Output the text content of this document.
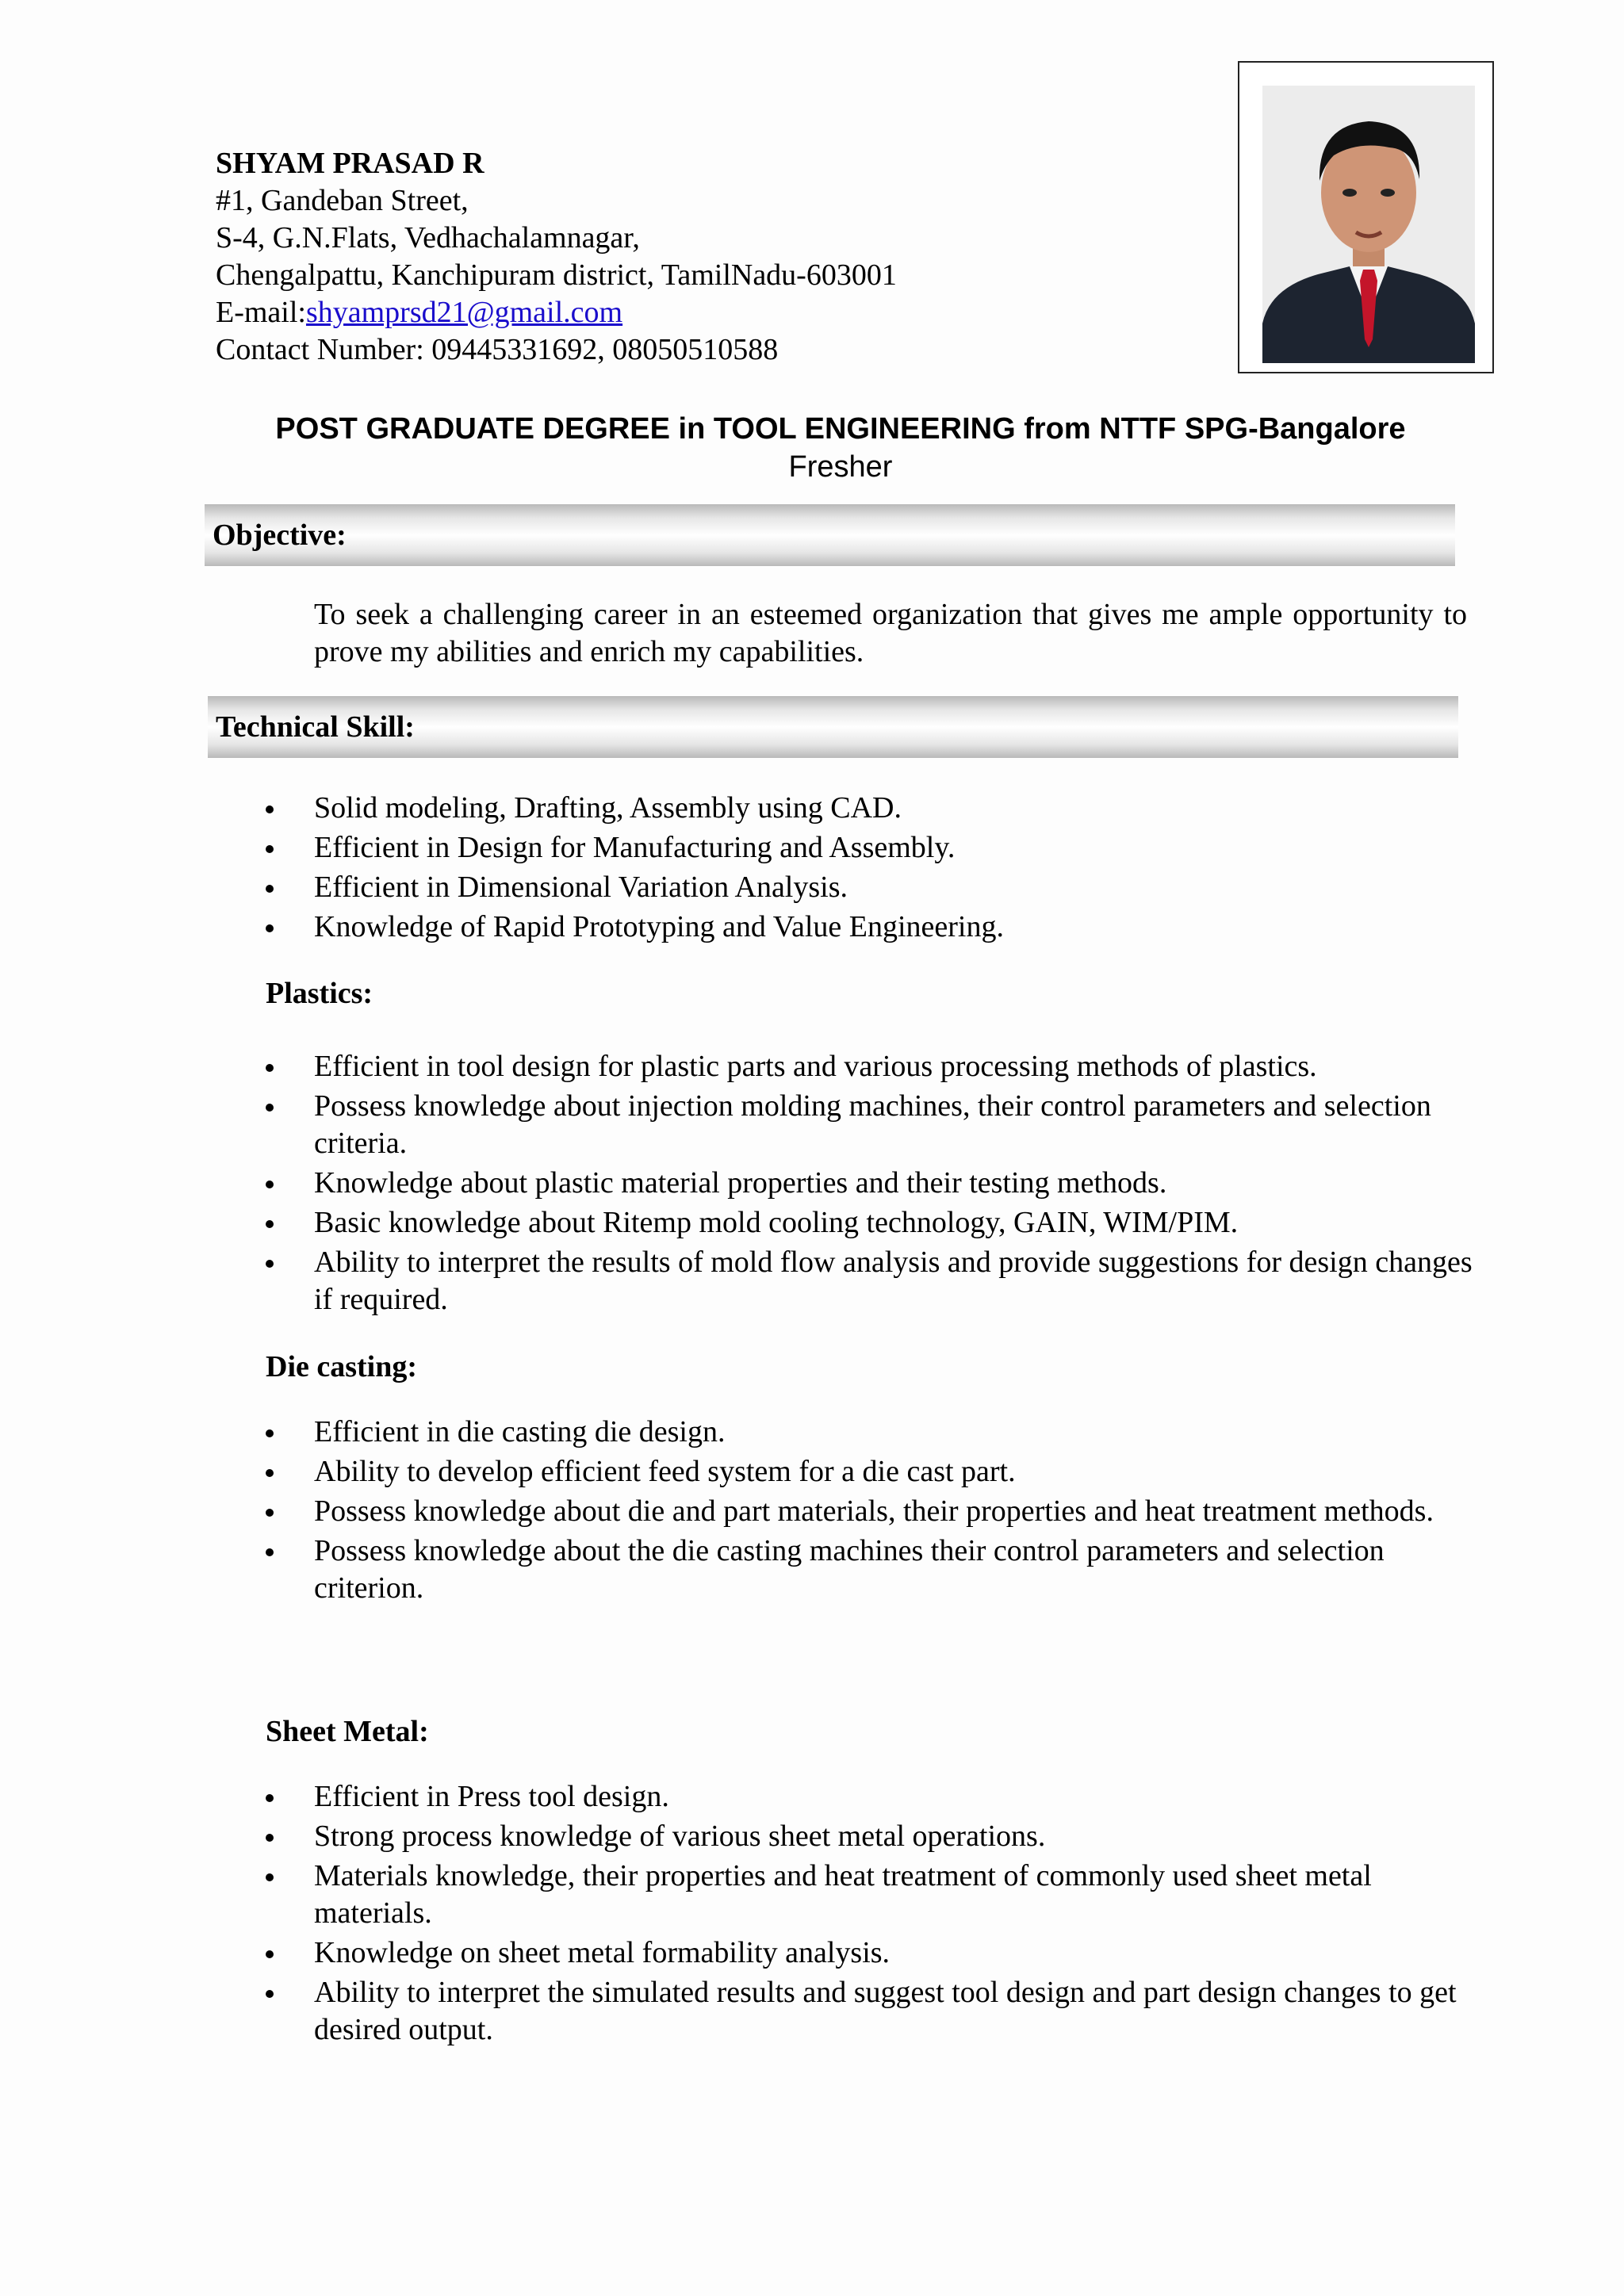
SHYAM PRASAD R
#1, Gandeban Street,
S-4, G.N.Flats, Vedhachalamnagar,
Chengalpattu, Kanchipuram district, TamilNadu-603001
E-mail:shyamprsd21@gmail.com
Contact Number: 09445331692, 08050510588
POST GRADUATE DEGREE in TOOL ENGINEERING from NTTF SPG-Bangalore
Fresher
Objective:
To seek a challenging career in an esteemed organization that gives me ample opportunity to prove my abilities and enrich my capabilities.
Technical Skill:
Solid modeling, Drafting, Assembly using CAD.
Efficient in Design for Manufacturing and Assembly.
Efficient in Dimensional Variation Analysis.
Knowledge of Rapid Prototyping and Value Engineering.
Plastics:
Efficient in tool design for plastic parts and various processing methods of plastics.
Possess knowledge about injection molding machines, their control parameters and selection criteria.
Knowledge about plastic material properties and their testing methods.
Basic knowledge about Ritemp mold cooling technology, GAIN, WIM/PIM.
Ability to interpret the results of mold flow analysis and provide suggestions for design changes if required.
Die casting:
Efficient in die casting die design.
Ability to develop efficient feed system for a die cast part.
Possess knowledge about die and part materials, their properties and heat treatment methods.
Possess knowledge about the die casting machines their control parameters and selection criterion.
Sheet Metal:
Efficient in Press tool design.
Strong process knowledge of various sheet metal operations.
Materials knowledge, their properties and heat treatment of commonly used sheet metal materials.
Knowledge on sheet metal formability analysis.
Ability to interpret the simulated results and suggest tool design and part design changes to get desired output.
